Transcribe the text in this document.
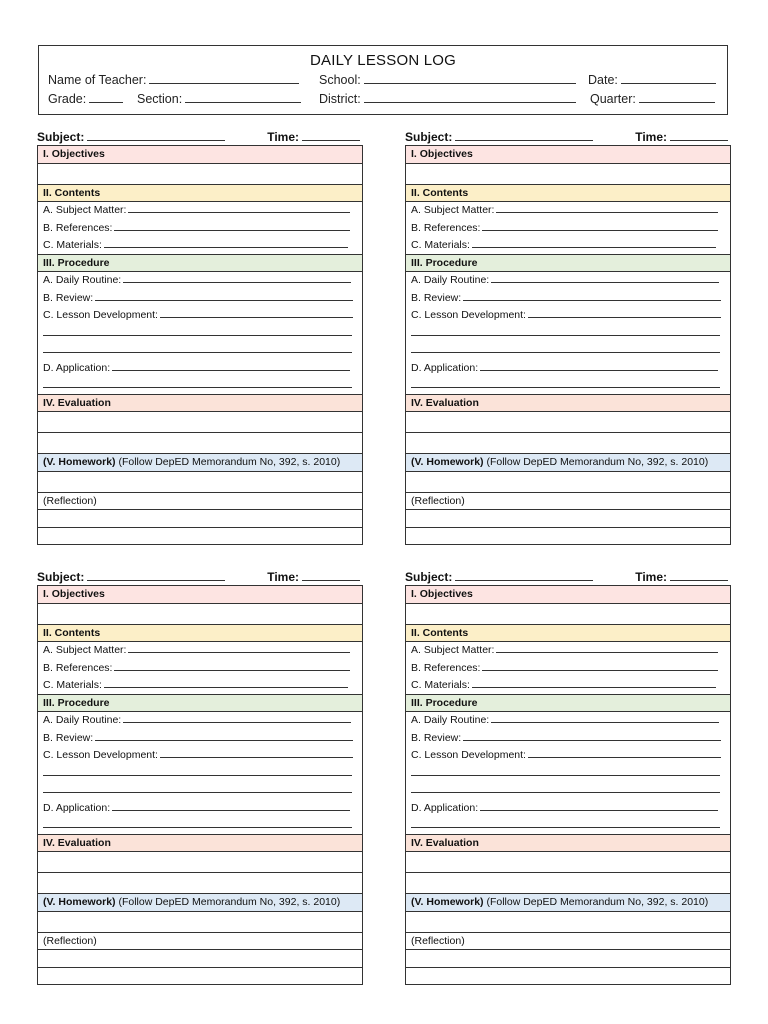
DAILY LESSON LOG
Name of Teacher:	School:	Date:
Grade:	Section:	District:	Quarter:
Subject:	Time:
I. Objectives
II. Contents
A. Subject Matter:
B. References:
C. Materials:
III. Procedure
A. Daily Routine:
B. Review:
C. Lesson Development:
D. Application:
IV. Evaluation
(V. Homework) (Follow DepED Memorandum No, 392, s. 2010)
(Reflection)
Subject:	Time:
I. Objectives
II. Contents
A. Subject Matter:
B. References:
C. Materials:
III. Procedure
A. Daily Routine:
B. Review:
C. Lesson Development:
D. Application:
IV. Evaluation
(V. Homework) (Follow DepED Memorandum No, 392, s. 2010)
(Reflection)
Subject:	Time:
I. Objectives
II. Contents
A. Subject Matter:
B. References:
C. Materials:
III. Procedure
A. Daily Routine:
B. Review:
C. Lesson Development:
D. Application:
IV. Evaluation
(V. Homework) (Follow DepED Memorandum No, 392, s. 2010)
(Reflection)
Subject:	Time:
I. Objectives
II. Contents
A. Subject Matter:
B. References:
C. Materials:
III. Procedure
A. Daily Routine:
B. Review:
C. Lesson Development:
D. Application:
IV. Evaluation
(V. Homework) (Follow DepED Memorandum No, 392, s. 2010)
(Reflection)
